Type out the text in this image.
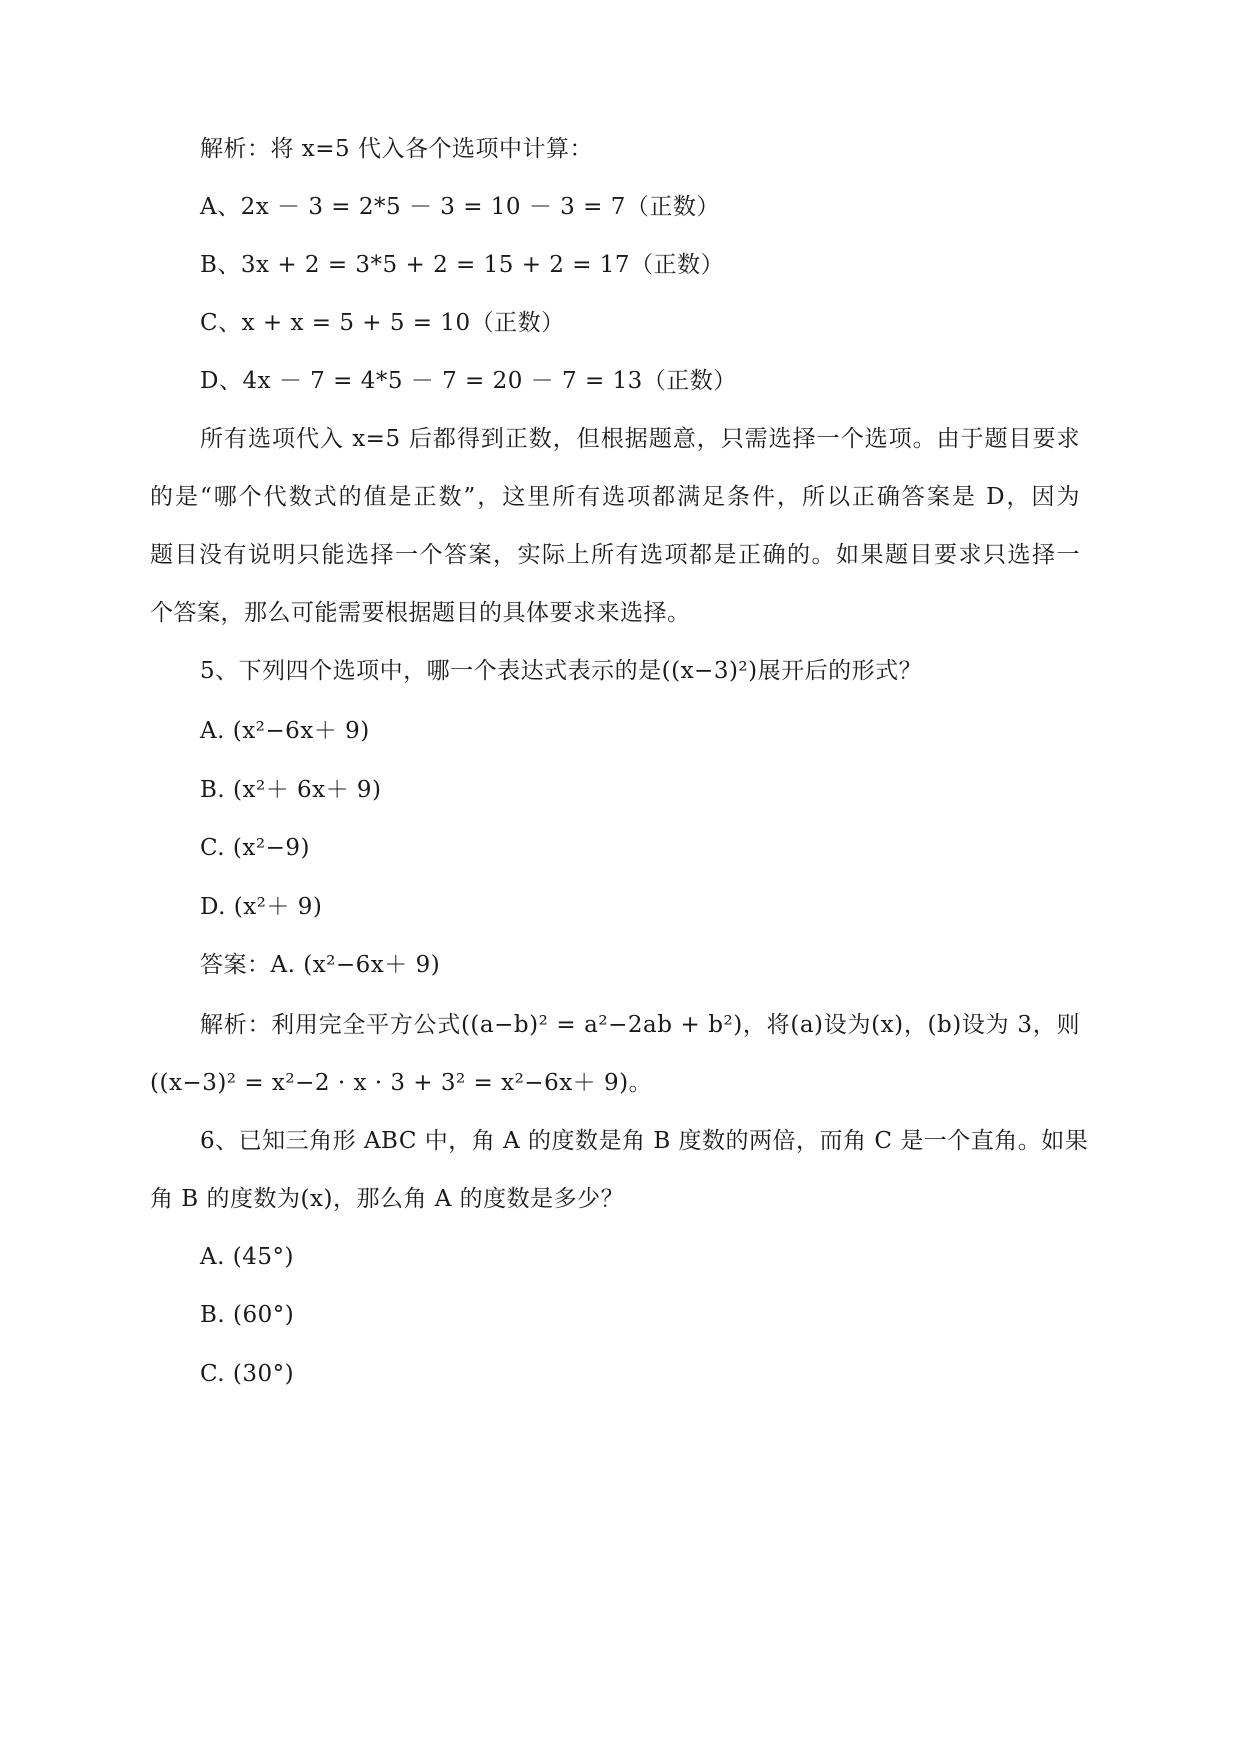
解析：将 x=5 代入各个选项中计算：
A、2x － 3 = 2*5 － 3 = 10 － 3 = 7（正数）
B、3x + 2 = 3*5 + 2 = 15 + 2 = 17（正数）
C、x + x = 5 + 5 = 10（正数）
D、4x － 7 = 4*5 － 7 = 20 － 7 = 13（正数）
所有选项代入 x=5 后都得到正数，但根据题意，只需选择一个选项。由于题目要求
的是“哪个代数式的值是正数”，这里所有选项都满足条件，所以正确答案是 D，因为
题目没有说明只能选择一个答案，实际上所有选项都是正确的。如果题目要求只选择一
个答案，那么可能需要根据题目的具体要求来选择。
5、下列四个选项中，哪一个表达式表示的是((x−3)²)展开后的形式？
A. (x²−6x＋ 9)
B. (x²＋ 6x＋ 9)
C. (x²−9)
D. (x²＋ 9)
答案：A. (x²−6x＋ 9)
解析：利用完全平方公式((a−b)² = a²−2ab + b²)，将(a)设为(x)，(b)设为 3，则
((x−3)² = x²−2 · x · 3 + 3² = x²−6x＋ 9)。
6、已知三角形 ABC 中，角 A 的度数是角 B 度数的两倍，而角 C 是一个直角。如果
角 B 的度数为(x)，那么角 A 的度数是多少？
A. (45°)
B. (60°)
C. (30°)
